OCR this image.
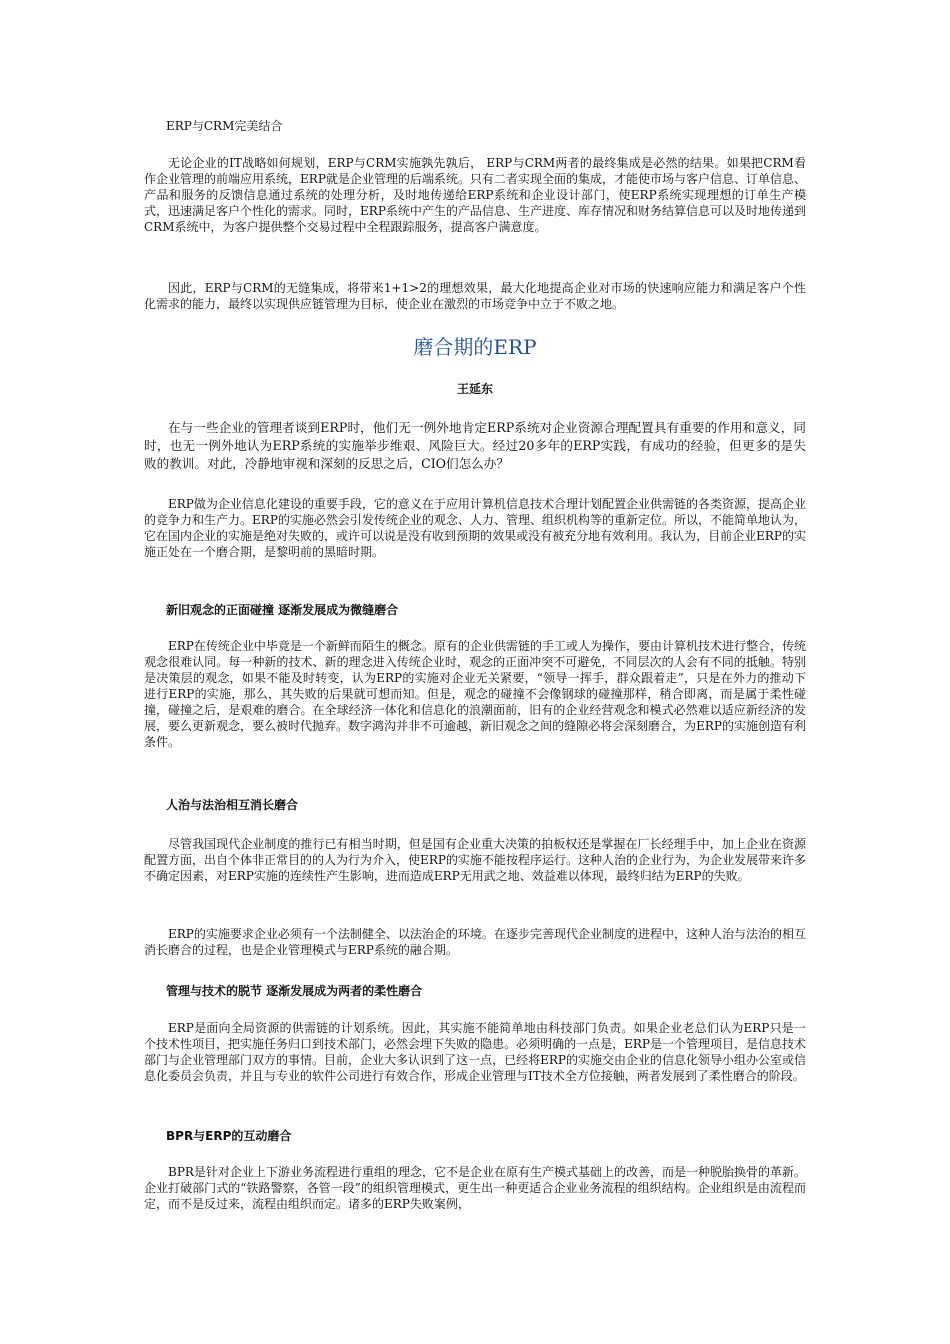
ERP与CRM完美结合

无论企业的IT战略如何规划，ERP与CRM实施孰先孰后， ERP与CRM两者的最终集成是必然的结果。如果把CRM看作企业管理的前端应用系统，ERP就是企业管理的后端系统。只有二者实现全面的集成，才能使市场与客户信息、订单信息、产品和服务的反馈信息通过系统的处理分析，及时地传递给ERP系统和企业设计部门，使ERP系统实现理想的订单生产模式，迅速满足客户个性化的需求。同时，ERP系统中产生的产品信息、生产进度、库存情况和财务结算信息可以及时地传递到CRM系统中，为客户提供整个交易过程中全程跟踪服务，提高客户满意度。

因此，ERP与CRM的无缝集成，将带来1+1>2的理想效果，最大化地提高企业对市场的快速响应能力和满足客户个性化需求的能力，最终以实现供应链管理为目标，使企业在激烈的市场竞争中立于不败之地。

磨合期的ERP
王延东

在与一些企业的管理者谈到ERP时，他们无一例外地肯定ERP系统对企业资源合理配置具有重要的作用和意义，同时，也无一例外地认为ERP系统的实施举步维艰、风险巨大。经过20多年的ERP实践，有成功的经验，但更多的是失败的教训。对此，冷静地审视和深刻的反思之后，CIO们怎么办？

ERP做为企业信息化建设的重要手段，它的意义在于应用计算机信息技术合理计划配置企业供需链的各类资源，提高企业的竞争力和生产力。ERP的实施必然会引发传统企业的观念、人力、管理、组织机构等的重新定位。所以，不能简单地认为，它在国内企业的实施是绝对失败的，或许可以说是没有收到预期的效果或没有被充分地有效利用。我认为，目前企业ERP的实施正处在一个磨合期，是黎明前的黑暗时期。

新旧观念的正面碰撞 逐渐发展成为微缝磨合

ERP在传统企业中毕竟是一个新鲜而陌生的概念。原有的企业供需链的手工或人为操作，要由计算机技术进行整合，传统观念很难认同。每一种新的技术、新的理念进入传统企业时，观念的正面冲突不可避免，不同层次的人会有不同的抵触。特别是决策层的观念，如果不能及时转变，认为ERP的实施对企业无关紧要，“领导一挥手，群众跟着走”，只是在外力的推动下进行ERP的实施，那么，其失败的后果就可想而知。但是，观念的碰撞不会像钢球的碰撞那样，稍合即离，而是属于柔性碰撞，碰撞之后，是艰难的磨合。在全球经济一体化和信息化的浪潮面前，旧有的企业经营观念和模式必然难以适应新经济的发展，要么更新观念，要么被时代抛弃。数字鸿沟并非不可逾越，新旧观念之间的缝隙必将会深刻磨合，为ERP的实施创造有利条件。

人治与法治相互消长磨合

尽管我国现代企业制度的推行已有相当时期，但是国有企业重大决策的拍板权还是掌握在厂长经理手中，加上企业在资源配置方面，出自个体非正常目的的人为行为介入，使ERP的实施不能按程序运行。这种人治的企业行为，为企业发展带来许多不确定因素，对ERP实施的连续性产生影响，进而造成ERP无用武之地、效益难以体现，最终归结为ERP的失败。

ERP的实施要求企业必须有一个法制健全、以法治企的环境。在逐步完善现代企业制度的进程中，这种人治与法治的相互消长磨合的过程，也是企业管理模式与ERP系统的融合期。

管理与技术的脱节 逐渐发展成为两者的柔性磨合

ERP是面向全局资源的供需链的计划系统。因此，其实施不能简单地由科技部门负责。如果企业老总们认为ERP只是一个技术性项目，把实施任务归口到技术部门，必然会埋下失败的隐患。必须明确的一点是，ERP是一个管理项目，是信息技术部门与企业管理部门双方的事情。目前，企业大多认识到了这一点，已经将ERP的实施交由企业的信息化领导小组办公室或信息化委员会负责，并且与专业的软件公司进行有效合作，形成企业管理与IT技术全方位接触，两者发展到了柔性磨合的阶段。

BPR与ERP的互动磨合

BPR是针对企业上下游业务流程进行重组的理念，它不是企业在原有生产模式基础上的改善，而是一种脱胎换骨的革新。企业打破部门式的“铁路警察，各管一段”的组织管理模式，更生出一种更适合企业业务流程的组织结构。企业组织是由流程而定，而不是反过来，流程由组织而定。诸多的ERP失败案例，
